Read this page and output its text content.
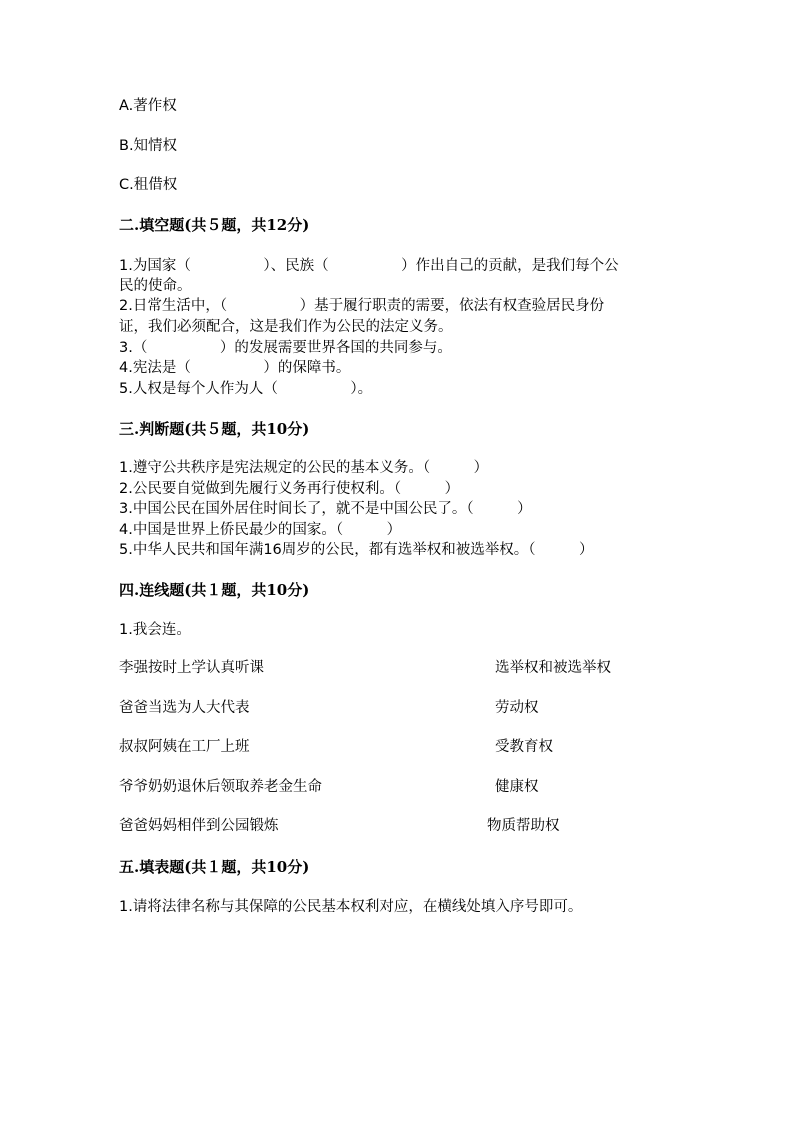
A.著作权
B.知情权
C.租借权
二.填空题(共５题，共12分)
1.为国家（　　　　　）、民族（　　　　　）作出自己的贡献，是我们每个公
民的使命。
2.日常生活中，（　　　　　）基于履行职责的需要，依法有权查验居民身份
证，我们必须配合，这是我们作为公民的法定义务。
3.（　　　　　）的发展需要世界各国的共同参与。
4.宪法是（　　　　　）的保障书。
5.人权是每个人作为人（　　　　　）。
三.判断题(共５题，共10分)
1.遵守公共秩序是宪法规定的公民的基本义务。（　　　）
2.公民要自觉做到先履行义务再行使权利。（　　　）
3.中国公民在国外居住时间长了，就不是中国公民了。（　　　）
4.中国是世界上侨民最少的国家。（　　　）
5.中华人民共和国年满16周岁的公民，都有选举权和被选举权。（　　　）
四.连线题(共１题，共10分)
1.我会连。
李强按时上学认真听课	选举权和被选举权
爸爸当选为人大代表	劳动权
叔叔阿姨在工厂上班	受教育权
爷爷奶奶退休后领取养老金生命	健康权
爸爸妈妈相伴到公园锻炼	物质帮助权
五.填表题(共１题，共10分)
1.请将法律名称与其保障的公民基本权利对应，在横线处填入序号即可。
